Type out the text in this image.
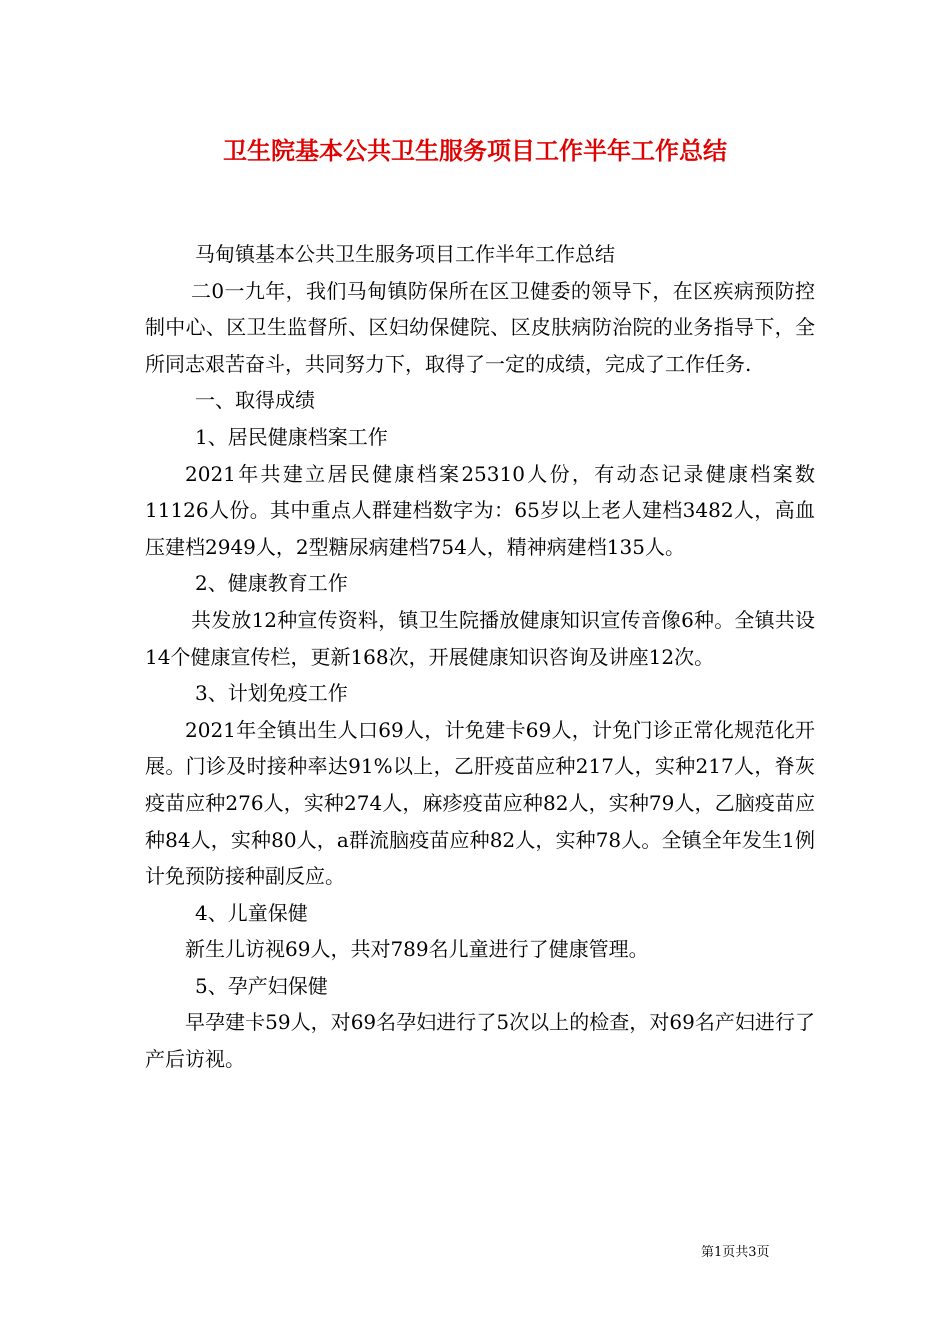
卫生院基本公共卫生服务项目工作半年工作总结

马甸镇基本公共卫生服务项目工作半年工作总结

二0一九年，我们马甸镇防保所在区卫健委的领导下，在区疾病预防控制中心、区卫生监督所、区妇幼保健院、区皮肤病防治院的业务指导下，全所同志艰苦奋斗，共同努力下，取得了一定的成绩，完成了工作任务.

一、取得成绩

1、居民健康档案工作

2021年共建立居民健康档案25310人份，有动态记录健康档案数11126人份。其中重点人群建档数字为：65岁以上老人建档3482人，高血压建档2949人，2型糖尿病建档754人，精神病建档135人。

2、健康教育工作

共发放12种宣传资料，镇卫生院播放健康知识宣传音像6种。全镇共设14个健康宣传栏，更新168次，开展健康知识咨询及讲座12次。

3、计划免疫工作

2021年全镇出生人口69人，计免建卡69人，计免门诊正常化规范化开展。门诊及时接种率达91%以上，乙肝疫苗应种217人，实种217人，脊灰疫苗应种276人，实种274人，麻疹疫苗应种82人，实种79人，乙脑疫苗应种84人，实种80人，a群流脑疫苗应种82人，实种78人。全镇全年发生1例计免预防接种副反应。

4、儿童保健

新生儿访视69人，共对789名儿童进行了健康管理。

5、孕产妇保健

早孕建卡59人，对69名孕妇进行了5次以上的检查，对69名产妇进行了产后访视。

第1页共3页
